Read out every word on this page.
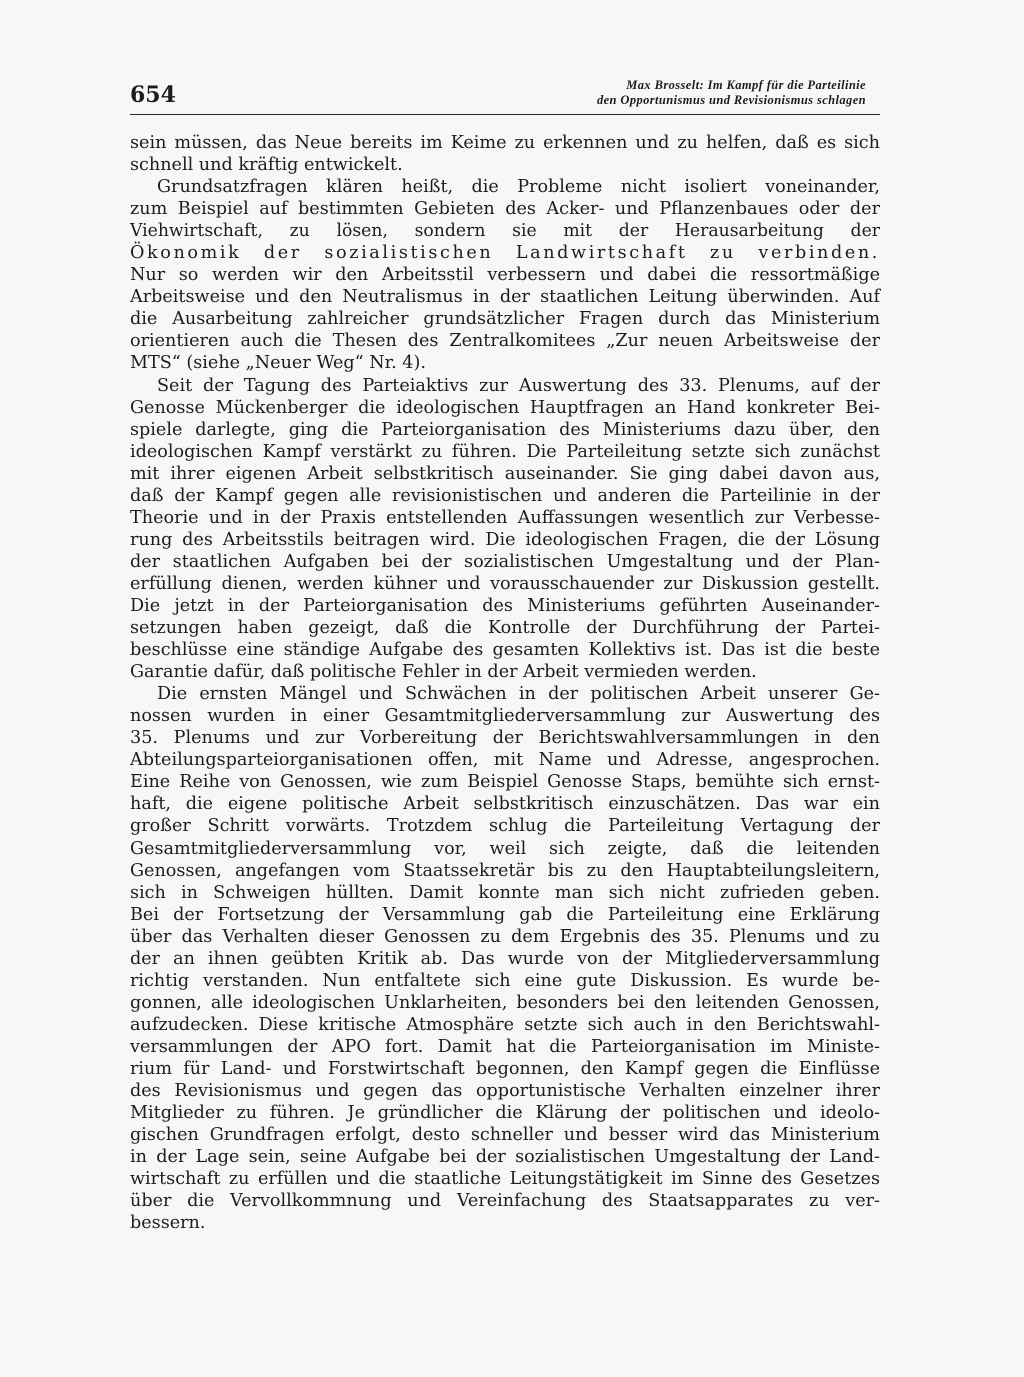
654	Max Brosselt: Im Kampf für die Parteilinie
den Opportunismus und Revisionismus schlagen
sein müssen, das Neue bereits im Keime zu erkennen und zu helfen, daß es sich
schnell und kräftig entwickelt.
Grundsatzfragen klären heißt, die Probleme nicht isoliert voneinander,
zum Beispiel auf bestimmten Gebieten des Acker- und Pflanzenbaues oder der
Viehwirtschaft, zu lösen, sondern sie mit der Herausarbeitung der
Ökonomik der sozialistischen Landwirtschaft zu verbinden.
Nur so werden wir den Arbeitsstil verbessern und dabei die ressortmäßige
Arbeitsweise und den Neutralismus in der staatlichen Leitung überwinden. Auf
die Ausarbeitung zahlreicher grundsätzlicher Fragen durch das Ministerium
orientieren auch die Thesen des Zentralkomitees „Zur neuen Arbeitsweise der
MTS“ (siehe „Neuer Weg“ Nr. 4).
Seit der Tagung des Parteiaktivs zur Auswertung des 33. Plenums, auf der
Genosse Mückenberger die ideologischen Hauptfragen an Hand konkreter Bei-
spiele darlegte, ging die Parteiorganisation des Ministeriums dazu über, den
ideologischen Kampf verstärkt zu führen. Die Parteileitung setzte sich zunächst
mit ihrer eigenen Arbeit selbstkritisch auseinander. Sie ging dabei davon aus,
daß der Kampf gegen alle revisionistischen und anderen die Parteilinie in der
Theorie und in der Praxis entstellenden Auffassungen wesentlich zur Verbesse-
rung des Arbeitsstils beitragen wird. Die ideologischen Fragen, die der Lösung
der staatlichen Aufgaben bei der sozialistischen Umgestaltung und der Plan-
erfüllung dienen, werden kühner und vorausschauender zur Diskussion gestellt.
Die jetzt in der Parteiorganisation des Ministeriums geführten Auseinander-
setzungen haben gezeigt, daß die Kontrolle der Durchführung der Partei-
beschlüsse eine ständige Aufgabe des gesamten Kollektivs ist. Das ist die beste
Garantie dafür, daß politische Fehler in der Arbeit vermieden werden.
Die ernsten Mängel und Schwächen in der politischen Arbeit unserer Ge-
nossen wurden in einer Gesamtmitgliederversammlung zur Auswertung des
35. Plenums und zur Vorbereitung der Berichtswahlversammlungen in den
Abteilungsparteiorganisationen offen, mit Name und Adresse, angesprochen.
Eine Reihe von Genossen, wie zum Beispiel Genosse Staps, bemühte sich ernst-
haft, die eigene politische Arbeit selbstkritisch einzuschätzen. Das war ein
großer Schritt vorwärts. Trotzdem schlug die Parteileitung Vertagung der
Gesamtmitgliederversammlung vor, weil sich zeigte, daß die leitenden
Genossen, angefangen vom Staatssekretär bis zu den Hauptabteilungsleitern,
sich in Schweigen hüllten. Damit konnte man sich nicht zufrieden geben.
Bei der Fortsetzung der Versammlung gab die Parteileitung eine Erklärung
über das Verhalten dieser Genossen zu dem Ergebnis des 35. Plenums und zu
der an ihnen geübten Kritik ab. Das wurde von der Mitgliederversammlung
richtig verstanden. Nun entfaltete sich eine gute Diskussion. Es wurde be-
gonnen, alle ideologischen Unklarheiten, besonders bei den leitenden Genossen,
aufzudecken. Diese kritische Atmosphäre setzte sich auch in den Berichtswahl-
versammlungen der APO fort. Damit hat die Parteiorganisation im Ministe-
rium für Land- und Forstwirtschaft begonnen, den Kampf gegen die Einflüsse
des Revisionismus und gegen das opportunistische Verhalten einzelner ihrer
Mitglieder zu führen. Je gründlicher die Klärung der politischen und ideolo-
gischen Grundfragen erfolgt, desto schneller und besser wird das Ministerium
in der Lage sein, seine Aufgabe bei der sozialistischen Umgestaltung der Land-
wirtschaft zu erfüllen und die staatliche Leitungstätigkeit im Sinne des Gesetzes
über die Vervollkommnung und Vereinfachung des Staatsapparates zu ver-
bessern.
